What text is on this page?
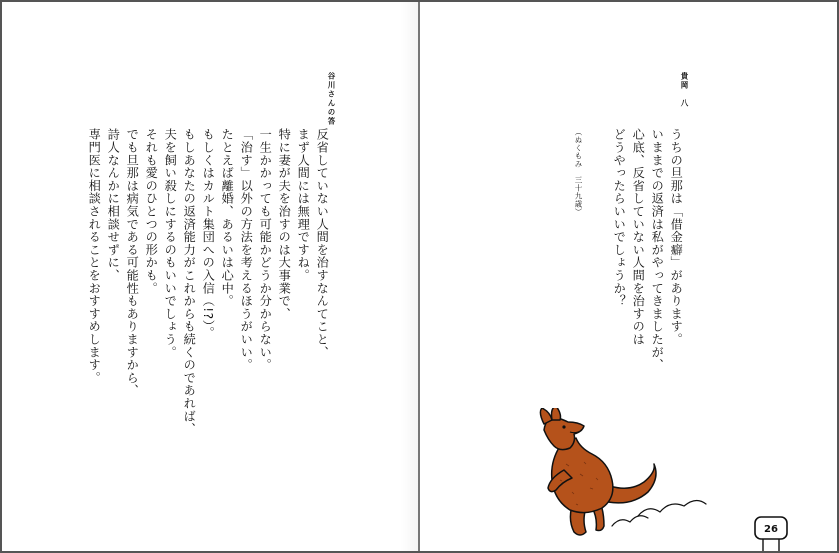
貴岡　八
うちの旦那は「借金癖」があります。
いままでの返済は私がやってきましたが、
心底、反省していない人間を治すのは
どうやったらいいでしょうか？
（ぬくもみ　三十九歳）
谷川さんの答
反省していない人間を治すなんてこと、
まず人間には無理ですね。
特に妻が夫を治すのは大事業で、
一生かかっても可能かどうか分からない。
「治す」以外の方法を考えるほうがいい。
たとえば離婚、あるいは心中。
もしくはカルト集団への入信（!?）。
もしあなたの返済能力がこれからも続くのであれば、
夫を飼い殺しにするのもいいでしょう。
それも愛のひとつの形かも。
でも旦那は病気である可能性もありますから、
詩人なんかに相談せずに、
専門医に相談されることをおすすめします。
26
